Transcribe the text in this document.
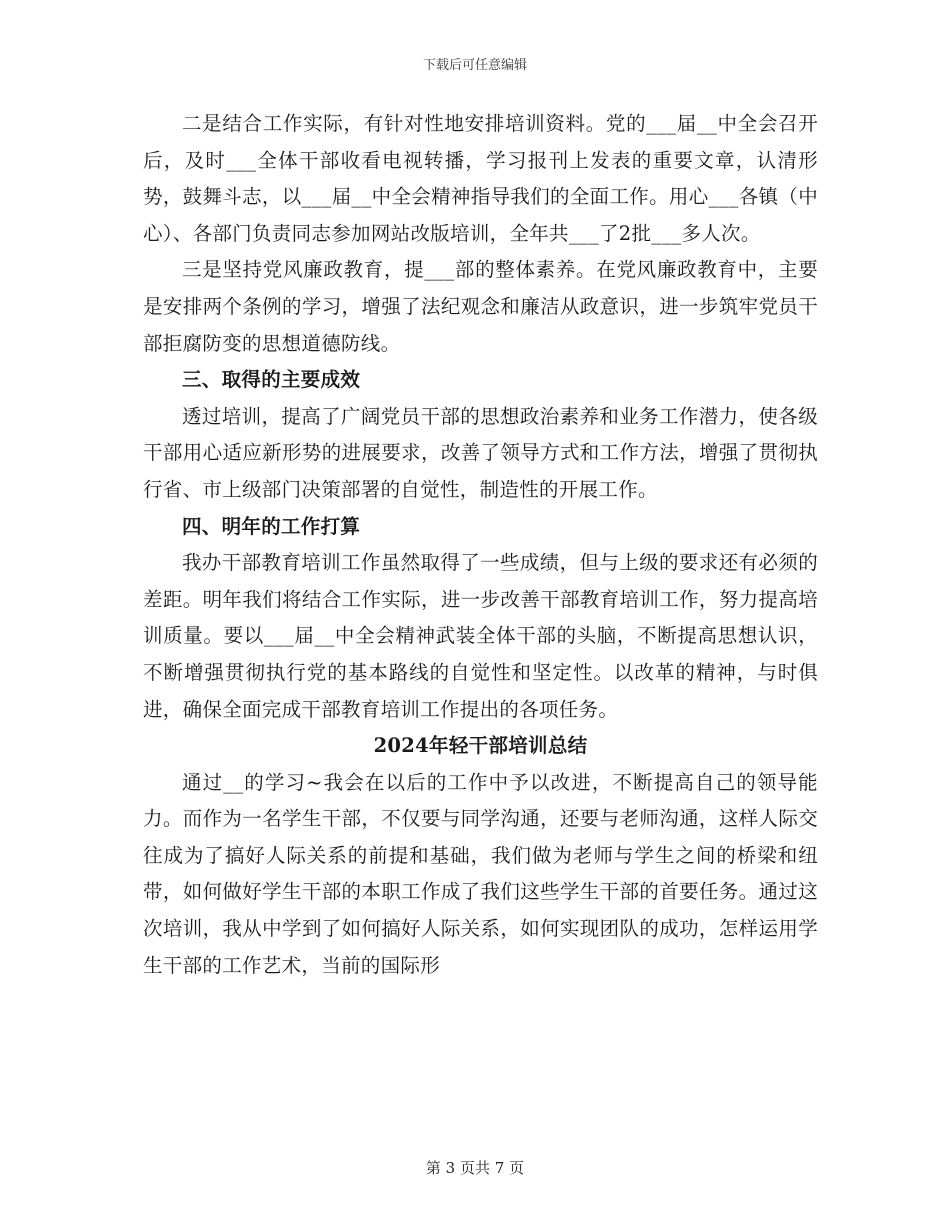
下载后可任意编辑

二是结合工作实际，有针对性地安排培训资料。党的___届__中全会召开后，及时___全体干部收看电视转播，学习报刊上发表的重要文章，认清形势，鼓舞斗志，以___届__中全会精神指导我们的全面工作。用心___各镇（中心）、各部门负责同志参加网站改版培训，全年共___了2批___多人次。

三是坚持党风廉政教育，提___部的整体素养。在党风廉政教育中，主要是安排两个条例的学习，增强了法纪观念和廉洁从政意识，进一步筑牢党员干部拒腐防变的思想道德防线。

三、取得的主要成效

透过培训，提高了广阔党员干部的思想政治素养和业务工作潜力，使各级干部用心适应新形势的进展要求，改善了领导方式和工作方法，增强了贯彻执行省、市上级部门决策部署的自觉性，制造性的开展工作。

四、明年的工作打算

我办干部教育培训工作虽然取得了一些成绩，但与上级的要求还有必须的差距。明年我们将结合工作实际，进一步改善干部教育培训工作，努力提高培训质量。要以___届__中全会精神武装全体干部的头脑，不断提高思想认识，不断增强贯彻执行党的基本路线的自觉性和坚定性。以改革的精神，与时俱进，确保全面完成干部教育培训工作提出的各项任务。

2024年轻干部培训总结

通过__的学习~我会在以后的工作中予以改进，不断提高自己的领导能力。而作为一名学生干部，不仅要与同学沟通，还要与老师沟通，这样人际交往成为了搞好人际关系的前提和基础，我们做为老师与学生之间的桥梁和纽带，如何做好学生干部的本职工作成了我们这些学生干部的首要任务。通过这次培训，我从中学到了如何搞好人际关系，如何实现团队的成功，怎样运用学生干部的工作艺术，当前的国际形

第 3 页共 7 页
